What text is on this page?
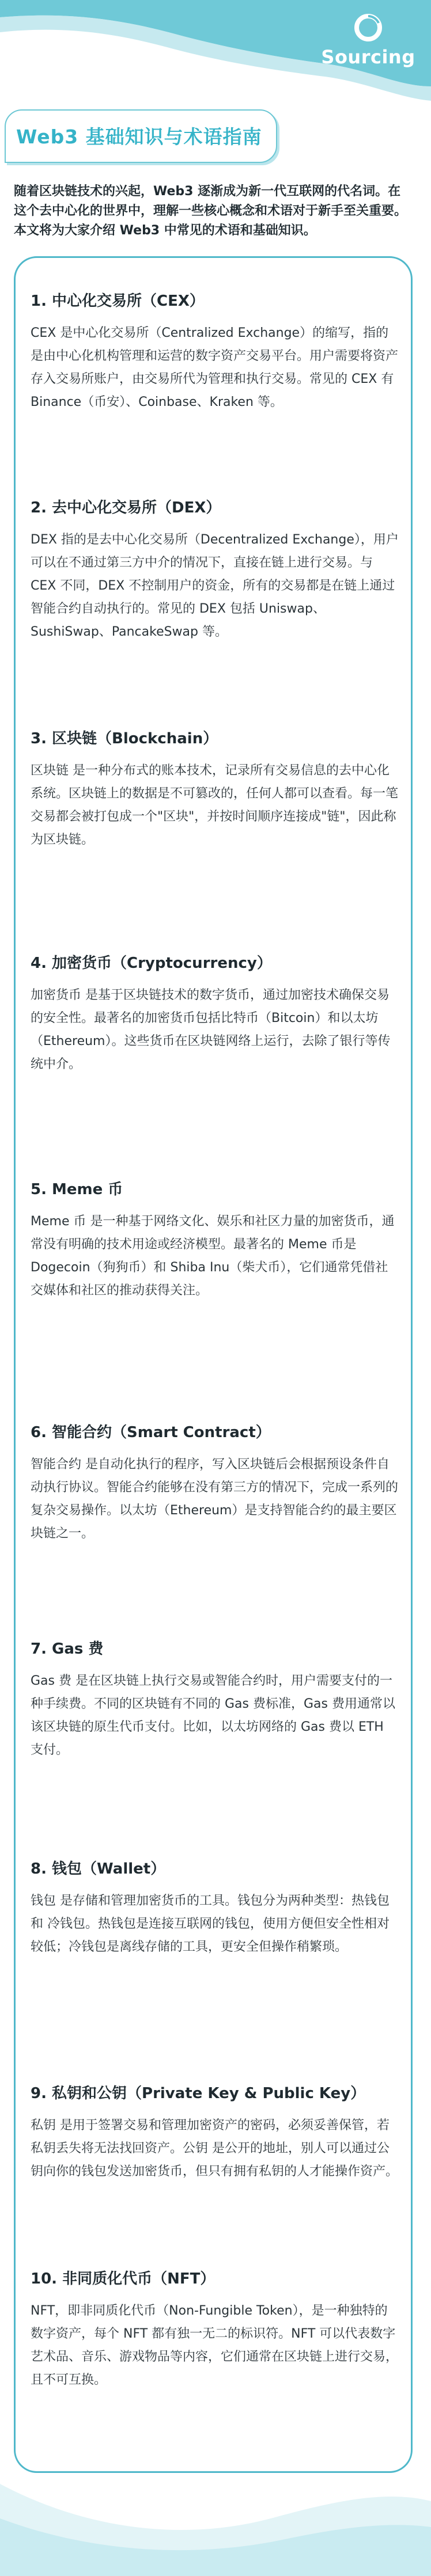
Sourcing
Web3 基础知识与术语指南
随着区块链技术的兴起，Web3 逐渐成为新一代互联网的代名词。在这个去中心化的世界中，理解一些核心概念和术语对于新手至关重要。本文将为大家介绍 Web3 中常见的术语和基础知识。
1. 中心化交易所（CEX）
CEX 是中心化交易所（Centralized Exchange）的缩写，指的是由中心化机构管理和运营的数字资产交易平台。用户需要将资产存入交易所账户，由交易所代为管理和执行交易。常见的 CEX 有 Binance（币安）、Coinbase、Kraken 等。
2. 去中心化交易所（DEX）
DEX 指的是去中心化交易所（Decentralized Exchange），用户可以在不通过第三方中介的情况下，直接在链上进行交易。与 CEX 不同，DEX 不控制用户的资金，所有的交易都是在链上通过智能合约自动执行的。常见的 DEX 包括 Uniswap、SushiSwap、PancakeSwap 等。
3. 区块链（Blockchain）
区块链 是一种分布式的账本技术，记录所有交易信息的去中心化系统。区块链上的数据是不可篡改的，任何人都可以查看。每一笔交易都会被打包成一个"区块"，并按时间顺序连接成"链"，因此称为区块链。
4. 加密货币（Cryptocurrency）
加密货币 是基于区块链技术的数字货币，通过加密技术确保交易的安全性。最著名的加密货币包括比特币（Bitcoin）和以太坊（Ethereum）。这些货币在区块链网络上运行，去除了银行等传统中介。
5. Meme 币
Meme 币 是一种基于网络文化、娱乐和社区力量的加密货币，通常没有明确的技术用途或经济模型。最著名的 Meme 币是 Dogecoin（狗狗币）和 Shiba Inu（柴犬币），它们通常凭借社交媒体和社区的推动获得关注。
6. 智能合约（Smart Contract）
智能合约 是自动化执行的程序，写入区块链后会根据预设条件自动执行协议。智能合约能够在没有第三方的情况下，完成一系列的复杂交易操作。以太坊（Ethereum）是支持智能合约的最主要区块链之一。
7. Gas 费
Gas 费 是在区块链上执行交易或智能合约时，用户需要支付的一种手续费。不同的区块链有不同的 Gas 费标准，Gas 费用通常以该区块链的原生代币支付。比如，以太坊网络的 Gas 费以 ETH 支付。
8. 钱包（Wallet）
钱包 是存储和管理加密货币的工具。钱包分为两种类型：热钱包 和 冷钱包。热钱包是连接互联网的钱包，使用方便但安全性相对较低；冷钱包是离线存储的工具，更安全但操作稍繁琐。
9. 私钥和公钥（Private Key & Public Key）
私钥 是用于签署交易和管理加密资产的密码，必须妥善保管，若私钥丢失将无法找回资产。公钥 是公开的地址，别人可以通过公钥向你的钱包发送加密货币，但只有拥有私钥的人才能操作资产。
10. 非同质化代币（NFT）
NFT，即非同质化代币（Non-Fungible Token），是一种独特的数字资产，每个 NFT 都有独一无二的标识符。NFT 可以代表数字艺术品、音乐、游戏物品等内容，它们通常在区块链上进行交易，且不可互换。
